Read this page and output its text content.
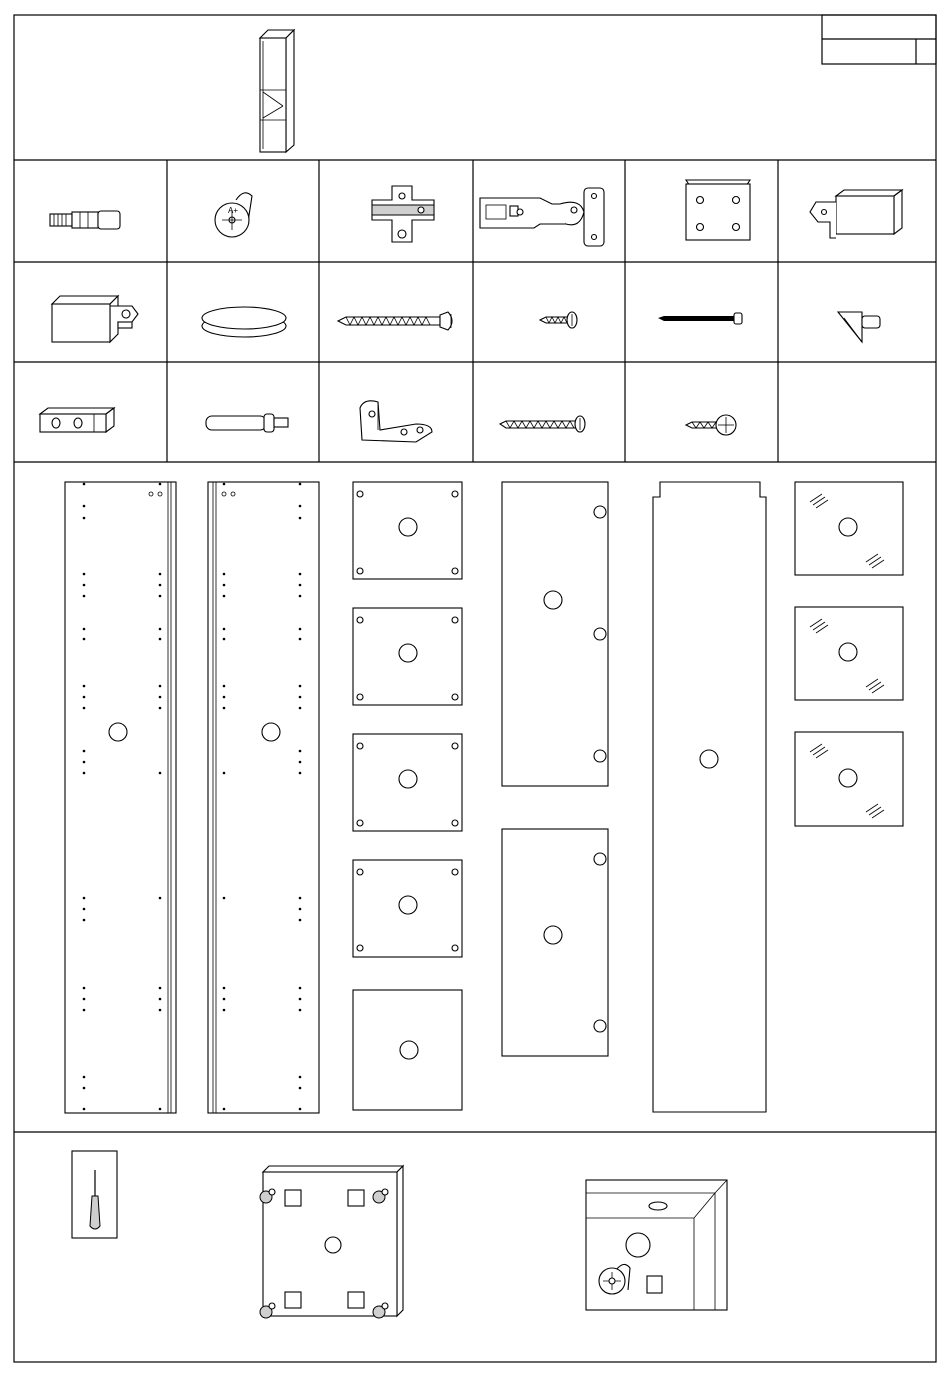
A+
